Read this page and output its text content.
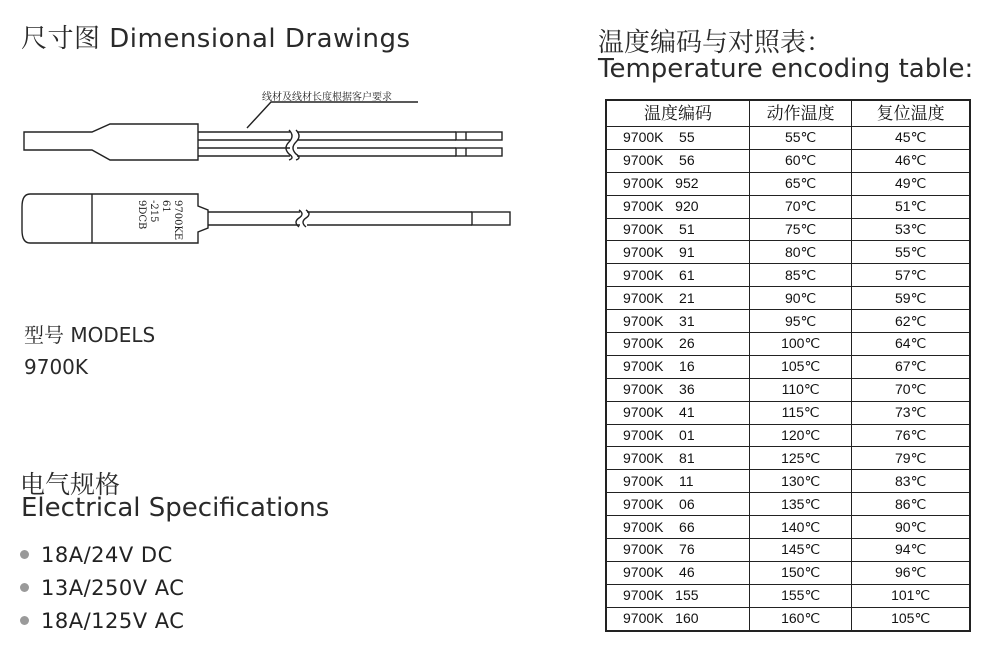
尺寸图 Dimensional Drawings
线材及线材长度根据客户要求
9700KE
61
-215
9DCB
型号 MODELS
9700K
电气规格
Electrical Specifications
18A/24V DC
13A/250V AC
18A/125V AC
温度编码与对照表：
Temperature encoding table:
温度编码	动作温度	复位温度
9700K    55	55℃	45℃
9700K    56	60℃	46℃
9700K   952	65℃	49℃
9700K   920	70℃	51℃
9700K    51	75℃	53℃
9700K    91	80℃	55℃
9700K    61	85℃	57℃
9700K    21	90℃	59℃
9700K    31	95℃	62℃
9700K    26	100℃	64℃
9700K    16	105℃	67℃
9700K    36	110℃	70℃
9700K    41	115℃	73℃
9700K    01	120℃	76℃
9700K    81	125℃	79℃
9700K    11	130℃	83℃
9700K    06	135℃	86℃
9700K    66	140℃	90℃
9700K    76	145℃	94℃
9700K    46	150℃	96℃
9700K   155	155℃	101℃
9700K   160	160℃	105℃
